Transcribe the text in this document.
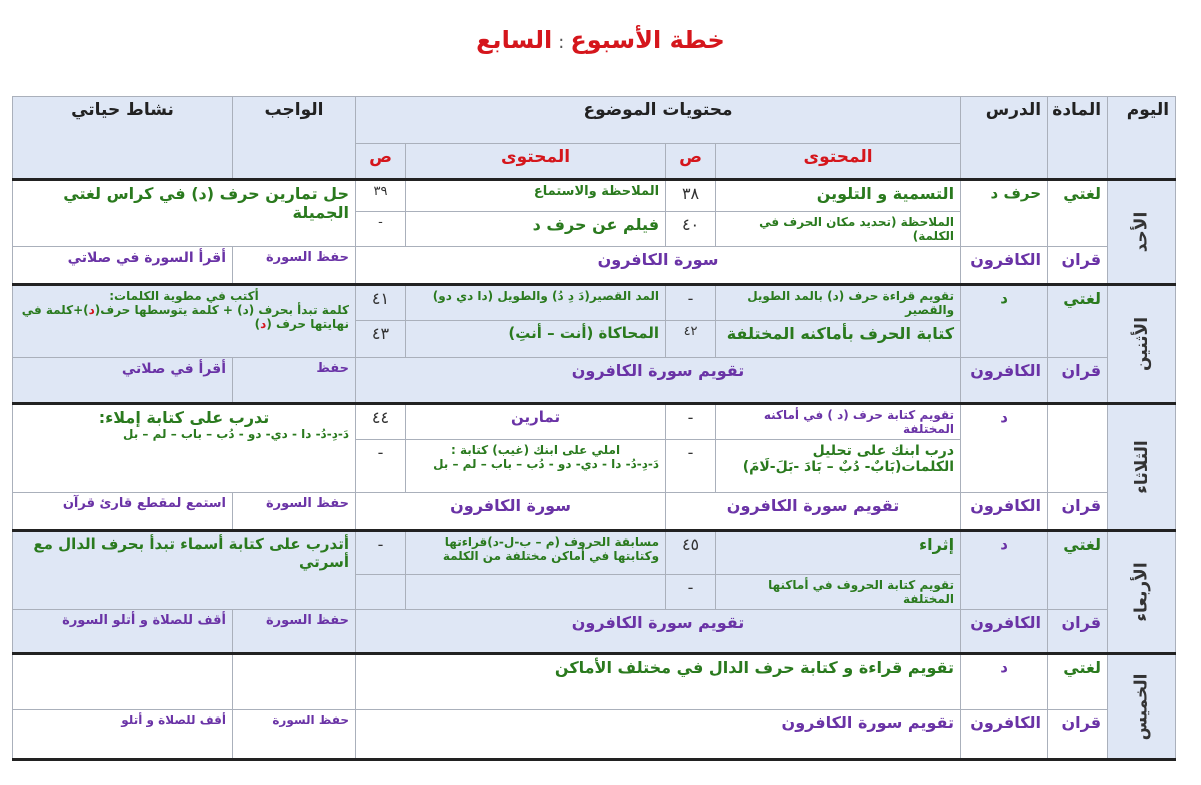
خطة الأسبوع:السابع
اليوم	المادة	الدرس	محتويات الموضوع				الواجب	نشاط حياتي
			المحتوى	ص	المحتوى	ص		
الأحد	لغتي	حرف د	التسمية و التلوين	٣٨	الملاحظة والاستماع	٣٩	حل تمارين حرف (د) في كراس لغتي الجميلة	
			الملاحظة (تحديد مكان الحرف في الكلمة)	٤٠	فيلم عن حرف د	-		
	قران	الكافرون	سورة الكافرون				حفظ السورة	أقرأ السورة في صلاتي
الأثنين	لغتي	د	تقويم قراءة حرف (د) بالمد الطويل والقصير	-	المد القصير(دَ دِ دُ) والطويل (دا دي دو)	٤١	أكتب في مطوية الكلمات:
كلمة تبدأ بحرف (د) + كلمة يتوسطها حرف(د)+كلمة في نهايتها حرف (د)	

			كتابة الحرف بأماكنه المختلفة	٤٢	المحاكاة (أنت – أنتِ)	٤٣		
	قران	الكافرون	تقويم سورة الكافرون				حفظ	أقرأ في صلاتي
الثلاثاء		د	تقويم كتابة حرف (د ) في أماكنه المختلفة	-	تمارين	٤٤	تدرب على كتابة إملاء:
دَ-دِ-دُ- دا - دي- دو - دُب – باب – لم – بل	

			درب ابنك على تحليل الكلمات(بَابٌ- دُبٌ – بَادَ -بَلَ-لَامَ)	-	املي على ابنك (غيب) كتابة :
دَ-دِ-دُ- دا - دي- دو - دُب – باب – لم – بل	-		
	قران	الكافرون	تقويم سورة الكافرون		سورة الكافرون		حفظ السورة	استمع لمقطع قارئ قرآن
الأربعاء	لغتي	د	إثراء	٤٥	مسابقة الحروف (م – ب-ل-د)قراءتها وكتابتها في أماكن مختلفة من الكلمة	-	أتدرب على كتابة أسماء تبدأ بحرف الدال مع أسرتي	
			تقويم كتابة الحروف في أماكنها المختلفة	-				
	قران	الكافرون	تقويم سورة الكافرون				حفظ السورة	أقف للصلاة و أتلو السورة
الخميس	لغتي	د	تقويم قراءة و كتابة حرف الدال في مختلف الأماكن					
	قران	الكافرون	تقويم سورة الكافرون				حفظ السورة	أقف للصلاة و أتلو
